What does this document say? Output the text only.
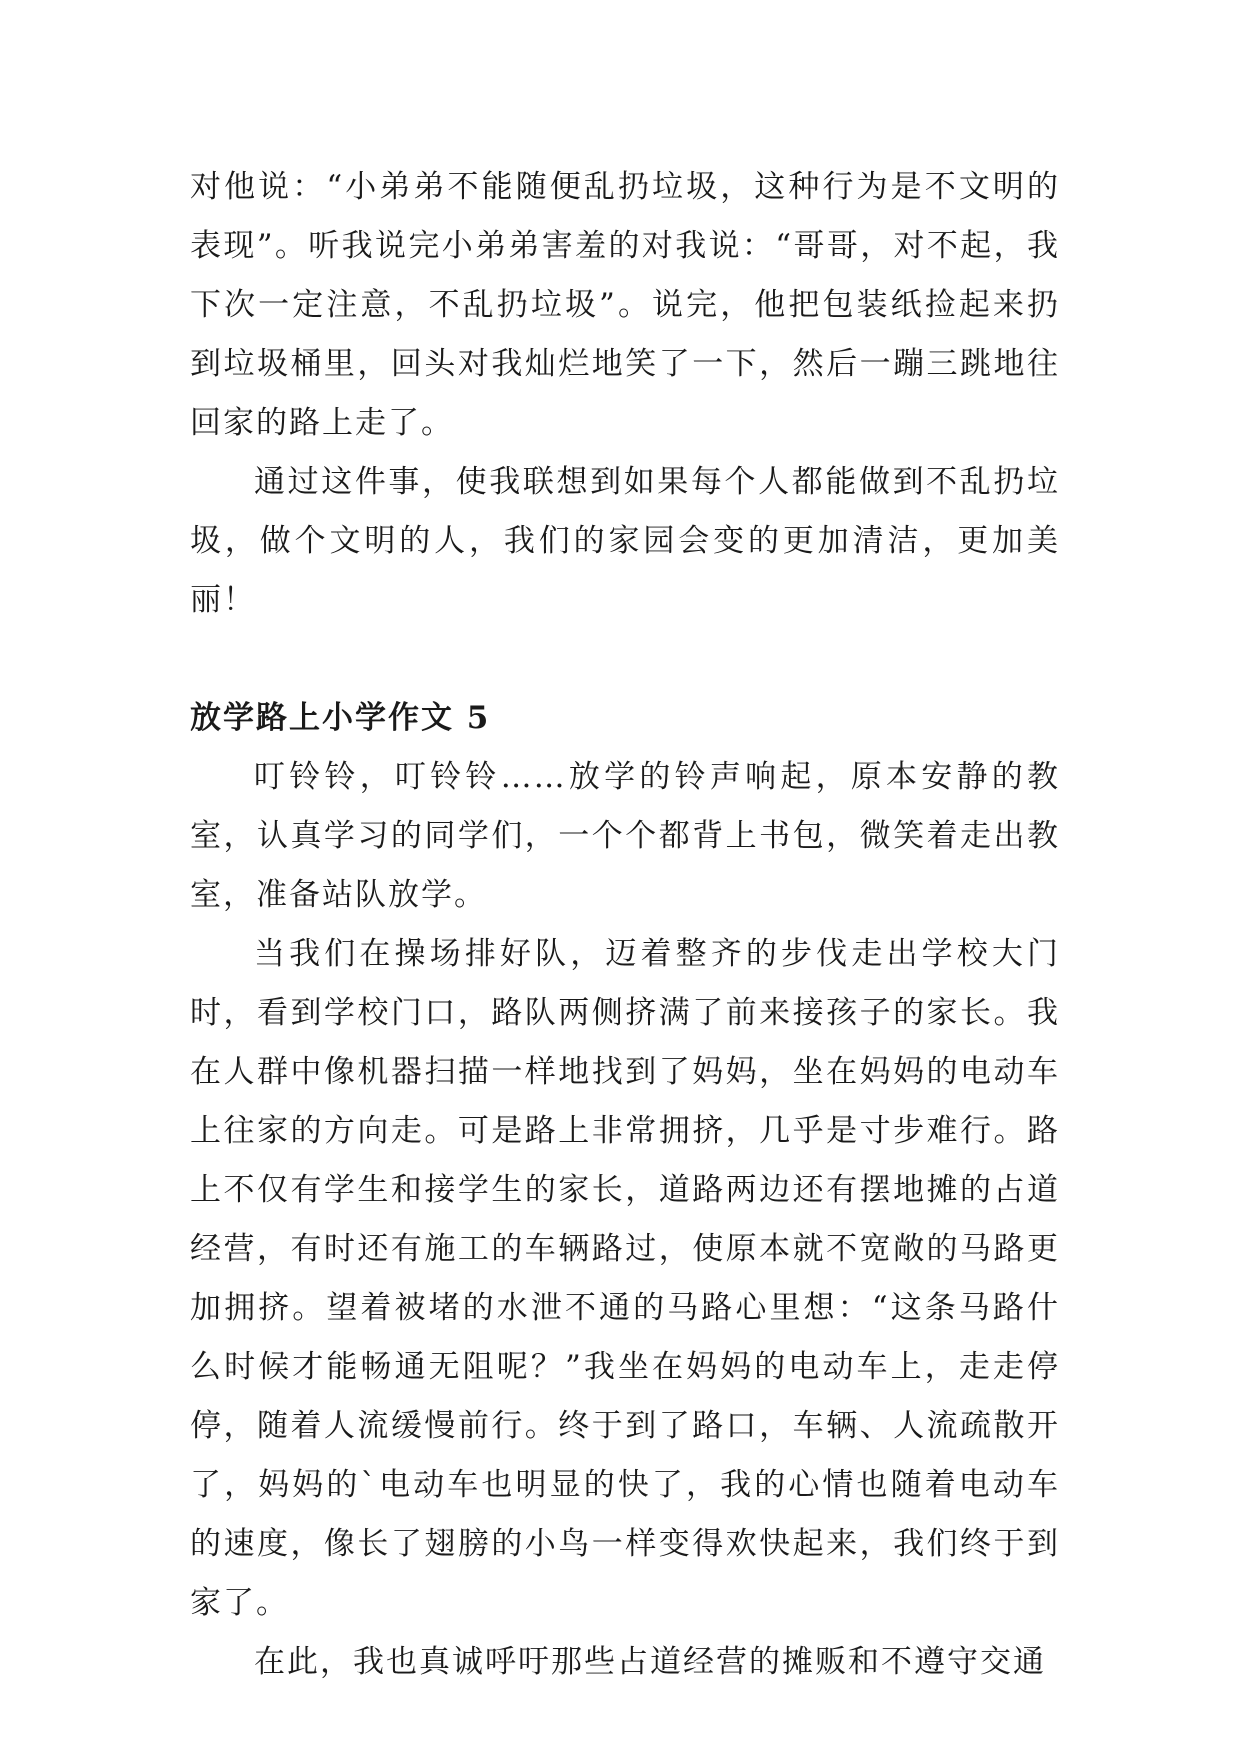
对他说：“小弟弟不能随便乱扔垃圾，这种行为是不文明的表现”。听我说完小弟弟害羞的对我说：“哥哥，对不起，我下次一定注意，不乱扔垃圾”。说完，他把包装纸捡起来扔到垃圾桶里，回头对我灿烂地笑了一下，然后一蹦三跳地往回家的路上走了。

通过这件事，使我联想到如果每个人都能做到不乱扔垃圾，做个文明的人，我们的家园会变的更加清洁，更加美丽！

放学路上小学作文 5

叮铃铃，叮铃铃……放学的铃声响起，原本安静的教室，认真学习的同学们，一个个都背上书包，微笑着走出教室，准备站队放学。

当我们在操场排好队，迈着整齐的步伐走出学校大门时，看到学校门口，路队两侧挤满了前来接孩子的家长。我在人群中像机器扫描一样地找到了妈妈，坐在妈妈的电动车上往家的方向走。可是路上非常拥挤，几乎是寸步难行。路上不仅有学生和接学生的家长，道路两边还有摆地摊的占道经营，有时还有施工的车辆路过，使原本就不宽敞的马路更加拥挤。望着被堵的水泄不通的马路心里想：“这条马路什么时候才能畅通无阻呢？”我坐在妈妈的电动车上，走走停停，随着人流缓慢前行。终于到了路口，车辆、人流疏散开了，妈妈的`电动车也明显的快了，我的心情也随着电动车的速度，像长了翅膀的小鸟一样变得欢快起来，我们终于到家了。

在此，我也真诚呼吁那些占道经营的摊贩和不遵守交通
